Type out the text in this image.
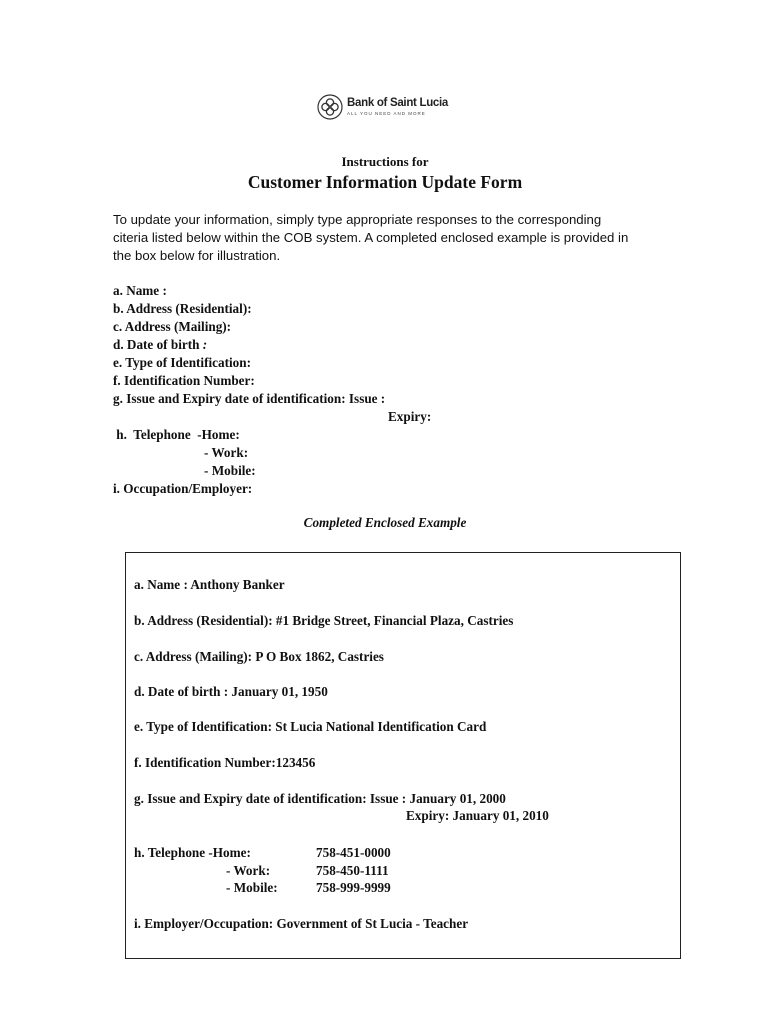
Bank of Saint Lucia
ALL YOU NEED AND MORE
Instructions for
Customer Information Update Form
To update your information, simply type appropriate responses to the corresponding
citeria listed below within the COB system. A completed enclosed example is provided in
the box below for illustration.
a. Name :
b. Address (Residential):
c. Address (Mailing):
d. Date of birth :
e. Type of Identification:
f. Identification Number:
g. Issue and Expiry date of identification: Issue :
Expiry:
h.  Telephone  -Home:
- Work:
- Mobile:
i. Occupation/Employer:
Completed Enclosed Example
a. Name : Anthony Banker
b. Address (Residential): #1 Bridge Street, Financial Plaza, Castries
c. Address (Mailing): P O Box 1862, Castries
d. Date of birth : January 01, 1950
e. Type of Identification: St Lucia National Identification Card
f. Identification Number:123456
g. Issue and Expiry date of identification: Issue : January 01, 2000
Expiry: January 01, 2010
h. Telephone -Home:
- Work:
- Mobile:
758-451-0000
758-450-1111
758-999-9999
i. Employer/Occupation: Government of St Lucia - Teacher
